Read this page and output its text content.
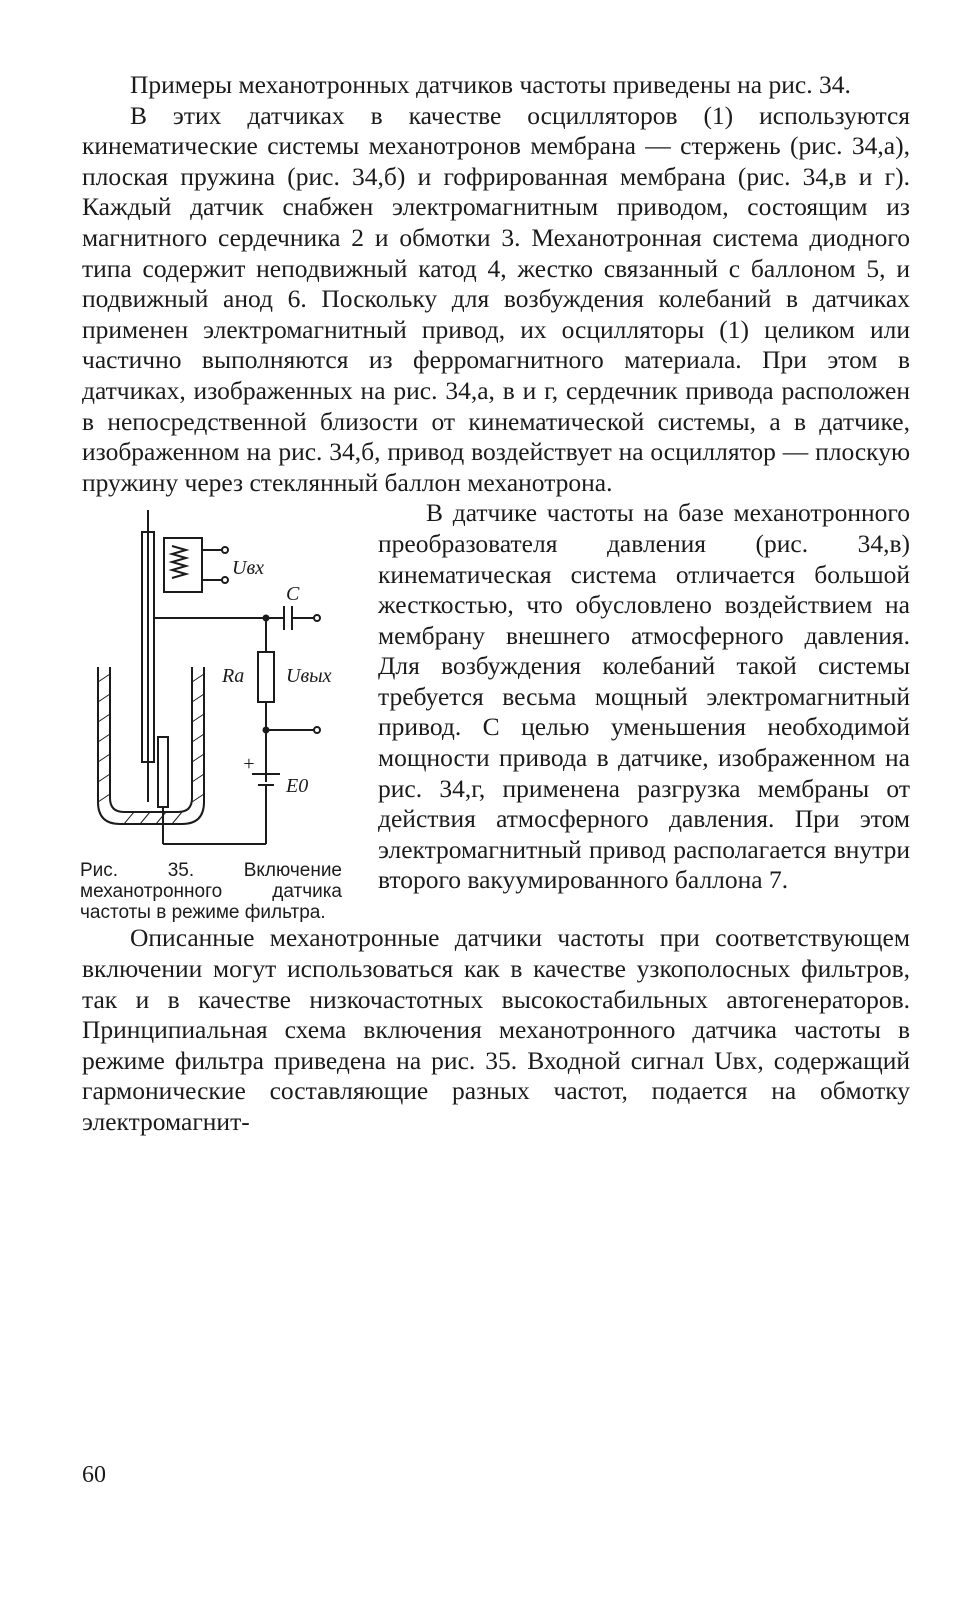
Примеры механотронных датчиков частоты приведены на рис. 34.

В этих датчиках в качестве осцилляторов (1) используются кинематические системы механотронов мембрана — стержень (рис. 34,а), плоская пружина (рис. 34,б) и гофрированная мембрана (рис. 34,в и г). Каждый датчик снабжен электромагнитным приводом, состоящим из магнитного сердечника 2 и обмотки 3. Механотронная система диодного типа содержит неподвижный катод 4, жестко связанный с баллоном 5, и подвижный анод 6. Поскольку для возбуждения колебаний в датчиках применен электромагнитный привод, их осцилляторы (1) целиком или частично выполняются из ферромагнитного материала. При этом в датчиках, изображенных на рис. 34,а, в и г, сердечник привода расположен в непосредственной близости от кинематической системы, а в датчике, изображенном на рис. 34,б, привод воздействует на осциллятор — плоскую пружину через стеклянный баллон механотрона.

Uвх
C
Ra Uвых
+
E0
Рис. 35. Включение механотронного датчика частоты в режиме фильтра.

В датчике частоты на базе механотронного преобразователя давления (рис. 34,в) кинематическая система отличается большой жесткостью, что обусловлено воздействием на мембрану внешнего атмосферного давления. Для возбуждения колебаний такой системы требуется весьма мощный электромагнитный привод. С целью уменьшения необходимой мощности привода в датчике, изображенном на рис. 34,г, применена разгрузка мембраны от действия атмосферного давления. При этом электромагнитный привод располагается внутри второго вакуумированного баллона 7.

Описанные механотронные датчики частоты при соответствующем включении могут использоваться как в качестве узкополосных фильтров, так и в качестве низкочастотных высокостабильных автогенераторов. Принципиальная схема включения механотронного датчика частоты в режиме фильтра приведена на рис. 35. Входной сигнал Uвх, содержащий гармонические составляющие разных частот, подается на обмотку электромагнит-

60
